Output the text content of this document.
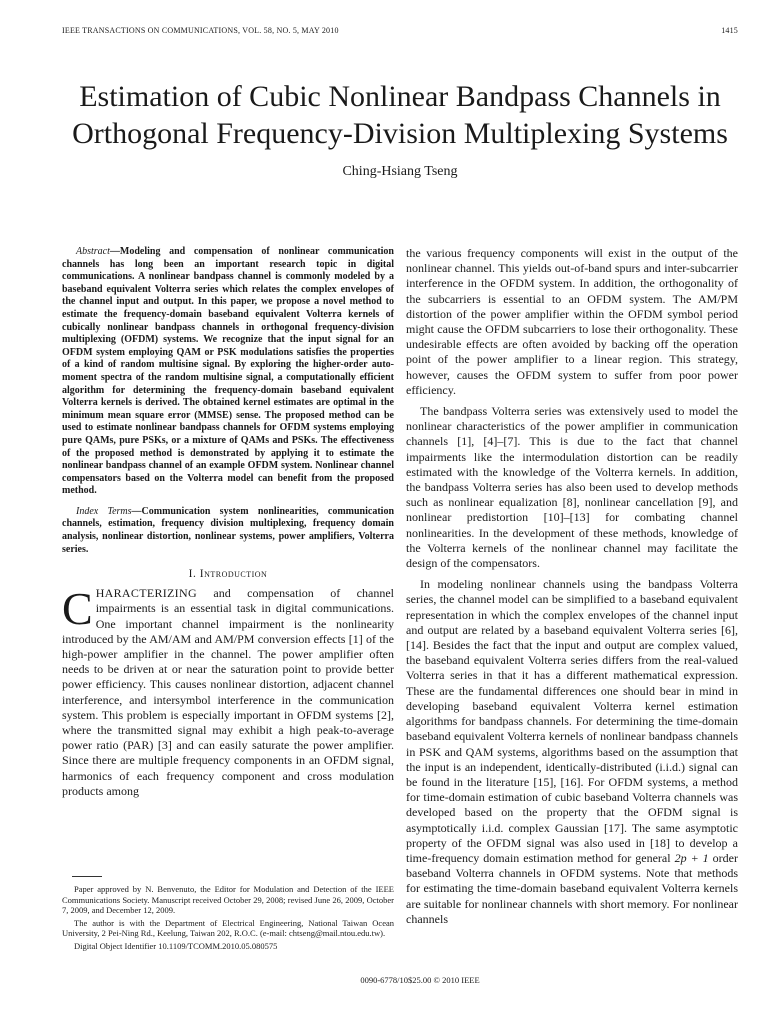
IEEE TRANSACTIONS ON COMMUNICATIONS, VOL. 58, NO. 5, MAY 2010	1415
Estimation of Cubic Nonlinear Bandpass Channels in Orthogonal Frequency-Division Multiplexing Systems
Ching-Hsiang Tseng

Abstract—Modeling and compensation of nonlinear communication channels has long been an important research topic in digital communications. A nonlinear bandpass channel is commonly modeled by a baseband equivalent Volterra series which relates the complex envelopes of the channel input and output. In this paper, we propose a novel method to estimate the frequency-domain baseband equivalent Volterra kernels of cubically nonlinear bandpass channels in orthogonal frequency-division multiplexing (OFDM) systems. We recognize that the input signal for an OFDM system employing QAM or PSK modulations satisfies the properties of a kind of random multisine signal. By exploring the higher-order auto-moment spectra of the random multisine signal, a computationally efficient algorithm for determining the frequency-domain baseband equivalent Volterra kernels is derived. The obtained kernel estimates are optimal in the minimum mean square error (MMSE) sense. The proposed method can be used to estimate nonlinear bandpass channels for OFDM systems employing pure QAMs, pure PSKs, or a mixture of QAMs and PSKs. The effectiveness of the proposed method is demonstrated by applying it to estimate the nonlinear bandpass channel of an example OFDM system. Nonlinear channel compensators based on the Volterra model can benefit from the proposed method.

Index Terms—Communication system nonlinearities, communication channels, estimation, frequency division multiplexing, frequency domain analysis, nonlinear distortion, nonlinear systems, power amplifiers, Volterra series.

I. Introduction

CHARACTERIZING and compensation of channel impairments is an essential task in digital communications. One important channel impairment is the nonlinearity introduced by the AM/AM and AM/PM conversion effects [1] of the high-power amplifier in the channel. The power amplifier often needs to be driven at or near the saturation point to provide better power efficiency. This causes nonlinear distortion, adjacent channel interference, and intersymbol interference in the communication system. This problem is especially important in OFDM systems [2], where the transmitted signal may exhibit a high peak-to-average power ratio (PAR) [3] and can easily saturate the power amplifier. Since there are multiple frequency components in an OFDM signal, harmonics of each frequency component and cross modulation products among

the various frequency components will exist in the output of the nonlinear channel. This yields out-of-band spurs and inter-subcarrier interference in the OFDM system. In addition, the orthogonality of the subcarriers is essential to an OFDM system. The AM/PM distortion of the power amplifier within the OFDM symbol period might cause the OFDM subcarriers to lose their orthogonality. These undesirable effects are often avoided by backing off the operation point of the power amplifier to a linear region. This strategy, however, causes the OFDM system to suffer from poor power efficiency.

The bandpass Volterra series was extensively used to model the nonlinear characteristics of the power amplifier in communication channels [1], [4]–[7]. This is due to the fact that channel impairments like the intermodulation distortion can be readily estimated with the knowledge of the Volterra kernels. In addition, the bandpass Volterra series has also been used to develop methods such as nonlinear equalization [8], nonlinear cancellation [9], and nonlinear predistortion [10]–[13] for combating channel nonlinearities. In the development of these methods, knowledge of the Volterra kernels of the nonlinear channel may facilitate the design of the compensators.

In modeling nonlinear channels using the bandpass Volterra series, the channel model can be simplified to a baseband equivalent representation in which the complex envelopes of the channel input and output are related by a baseband equivalent Volterra series [6], [14]. Besides the fact that the input and output are complex valued, the baseband equivalent Volterra series differs from the real-valued Volterra series in that it has a different mathematical expression. These are the fundamental differences one should bear in mind in developing baseband equivalent Volterra kernel estimation algorithms for bandpass channels. For determining the time-domain baseband equivalent Volterra kernels of nonlinear bandpass channels in PSK and QAM systems, algorithms based on the assumption that the input is an independent, identically-distributed (i.i.d.) signal can be found in the literature [15], [16]. For OFDM systems, a method for time-domain estimation of cubic baseband Volterra channels was developed based on the property that the OFDM signal is asymptotically i.i.d. complex Gaussian [17]. The same asymptotic property of the OFDM signal was also used in [18] to develop a time-frequency domain estimation method for general 2p + 1 order baseband Volterra channels in OFDM systems. Note that methods for estimating the time-domain baseband equivalent Volterra kernels are suitable for nonlinear channels with short memory. For nonlinear channels

Paper approved by N. Benvenuto, the Editor for Modulation and Detection of the IEEE Communications Society. Manuscript received October 29, 2008; revised June 26, 2009, October 7, 2009, and December 12, 2009.

The author is with the Department of Electrical Engineering, National Taiwan Ocean University, 2 Pei-Ning Rd., Keelung, Taiwan 202, R.O.C. (e-mail: chtseng@mail.ntou.edu.tw).

Digital Object Identifier 10.1109/TCOMM.2010.05.080575

0090-6778/10$25.00 © 2010 IEEE
